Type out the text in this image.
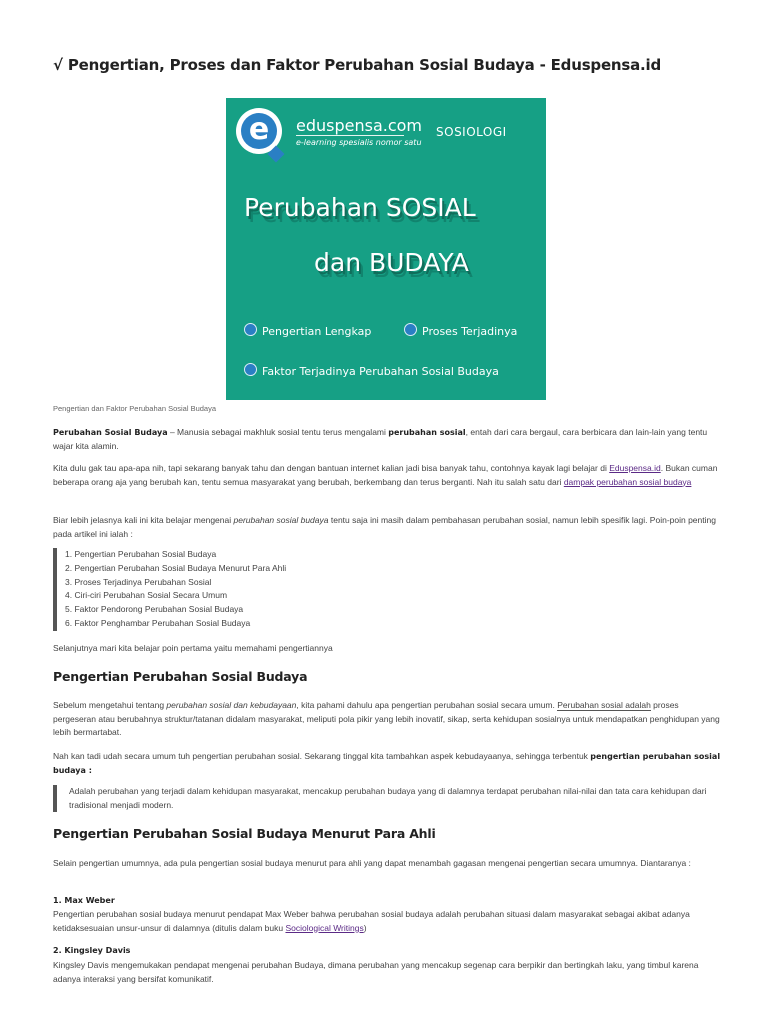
√ Pengertian, Proses dan Faktor Perubahan Sosial Budaya - Eduspensa.id
e	eduspensa.com
e-learning spesialis nomor satu
SOSIOLOGI
Perubahan SOSIAL
dan BUDAYA
Pengertian Lengkap	Proses Terjadinya
Faktor Terjadinya Perubahan Sosial Budaya
Pengertian dan Faktor Perubahan Sosial Budaya
Perubahan Sosial Budaya – Manusia sebagai makhluk sosial tentu terus mengalami perubahan sosial, entah dari cara bergaul, cara berbicara dan lain-lain yang tentu wajar kita alamin.
Kita dulu gak tau apa-apa nih, tapi sekarang banyak tahu dan dengan bantuan internet kalian jadi bisa banyak tahu, contohnya kayak lagi belajar di Eduspensa.id. Bukan cuman beberapa orang aja yang berubah kan, tentu semua masyarakat yang berubah, berkembang dan terus berganti. Nah itu salah satu dari dampak perubahan sosial budaya
Biar lebih jelasnya kali ini kita belajar mengenai perubahan sosial budaya tentu saja ini masih dalam pembahasan perubahan sosial, namun lebih spesifik lagi. Poin-poin penting pada artikel ini ialah :
1. Pengertian Perubahan Sosial Budaya
2. Pengertian Perubahan Sosial Budaya Menurut Para Ahli
3. Proses Terjadinya Perubahan Sosial
4. Ciri-ciri Perubahan Sosial Secara Umum
5. Faktor Pendorong Perubahan Sosial Budaya
6. Faktor Penghambar Perubahan Sosial Budaya
Selanjutnya mari kita belajar poin pertama yaitu memahami pengertiannya
Pengertian Perubahan Sosial Budaya
Sebelum mengetahui tentang perubahan sosial dan kebudayaan, kita pahami dahulu apa pengertian perubahan sosial secara umum. Perubahan sosial adalah proses pergeseran atau berubahnya struktur/tatanan didalam masyarakat, meliputi pola pikir yang lebih inovatif, sikap, serta kehidupan sosialnya untuk mendapatkan penghidupan yang lebih bermartabat.
Nah kan tadi udah secara umum tuh pengertian perubahan sosial. Sekarang tinggal kita tambahkan aspek kebudayaanya, sehingga terbentuk pengertian perubahan sosial budaya :
Adalah perubahan yang terjadi dalam kehidupan masyarakat, mencakup perubahan budaya yang di dalamnya terdapat perubahan nilai-nilai dan tata cara kehidupan dari tradisional menjadi modern.
Pengertian Perubahan Sosial Budaya Menurut Para Ahli
Selain pengertian umumnya, ada pula pengertian sosial budaya menurut para ahli yang dapat menambah gagasan mengenai pengertian secara umumnya. Diantaranya :
1. Max Weber
Pengertian perubahan sosial budaya menurut pendapat Max Weber bahwa perubahan sosial budaya adalah perubahan situasi dalam masyarakat sebagai akibat adanya ketidaksesuaian unsur-unsur di dalamnya (ditulis dalam buku Sociological Writings)
2. Kingsley Davis
Kingsley Davis mengemukakan pendapat mengenai perubahan Budaya, dimana perubahan yang mencakup segenap cara berpikir dan bertingkah laku, yang timbul karena adanya interaksi yang bersifat komunikatif.
